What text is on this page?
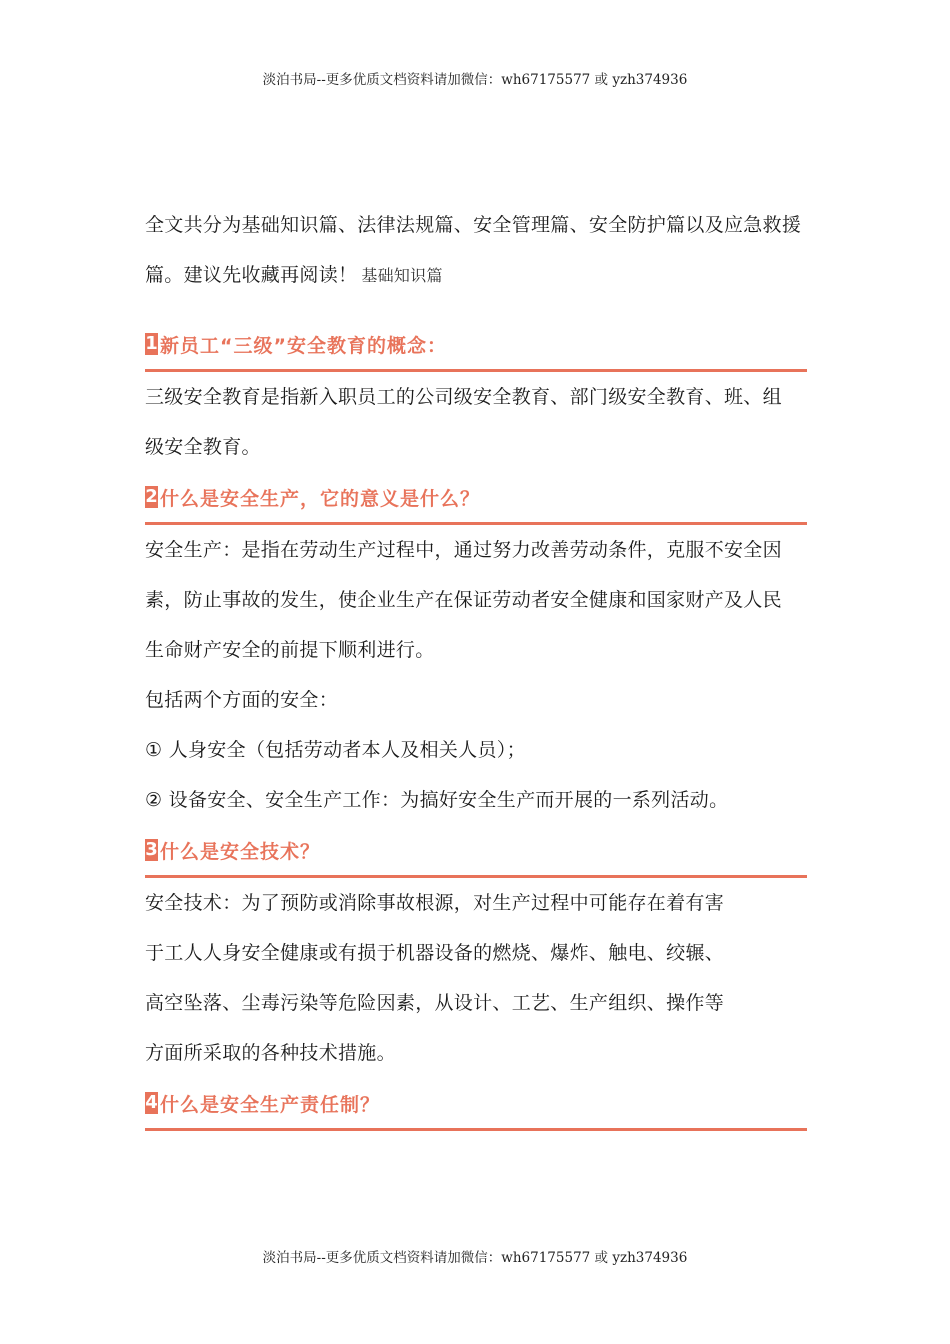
淡泊书局--更多优质文档资料请加微信：wh67175577 或 yzh374936

全文共分为基础知识篇、法律法规篇、安全管理篇、安全防护篇以及应急救援

篇。建议先收藏再阅读！ 基础知识篇

1 新员工“三级”安全教育的概念：

三级安全教育是指新入职员工的公司级安全教育、部门级安全教育、班、组

级安全教育。

2 什么是安全生产，它的意义是什么？

安全生产：是指在劳动生产过程中，通过努力改善劳动条件，克服不安全因

素，防止事故的发生，使企业生产在保证劳动者安全健康和国家财产及人民

生命财产安全的前提下顺利进行。

包括两个方面的安全：

① 人身安全（包括劳动者本人及相关人员）；

② 设备安全、安全生产工作：为搞好安全生产而开展的一系列活动。

3 什么是安全技术？

安全技术：为了预防或消除事故根源，对生产过程中可能存在着有害

于工人人身安全健康或有损于机器设备的燃烧、爆炸、触电、绞辗、

高空坠落、尘毒污染等危险因素，从设计、工艺、生产组织、操作等

方面所采取的各种技术措施。

4 什么是安全生产责任制？
淡泊书局--更多优质文档资料请加微信：wh67175577 或 yzh374936
